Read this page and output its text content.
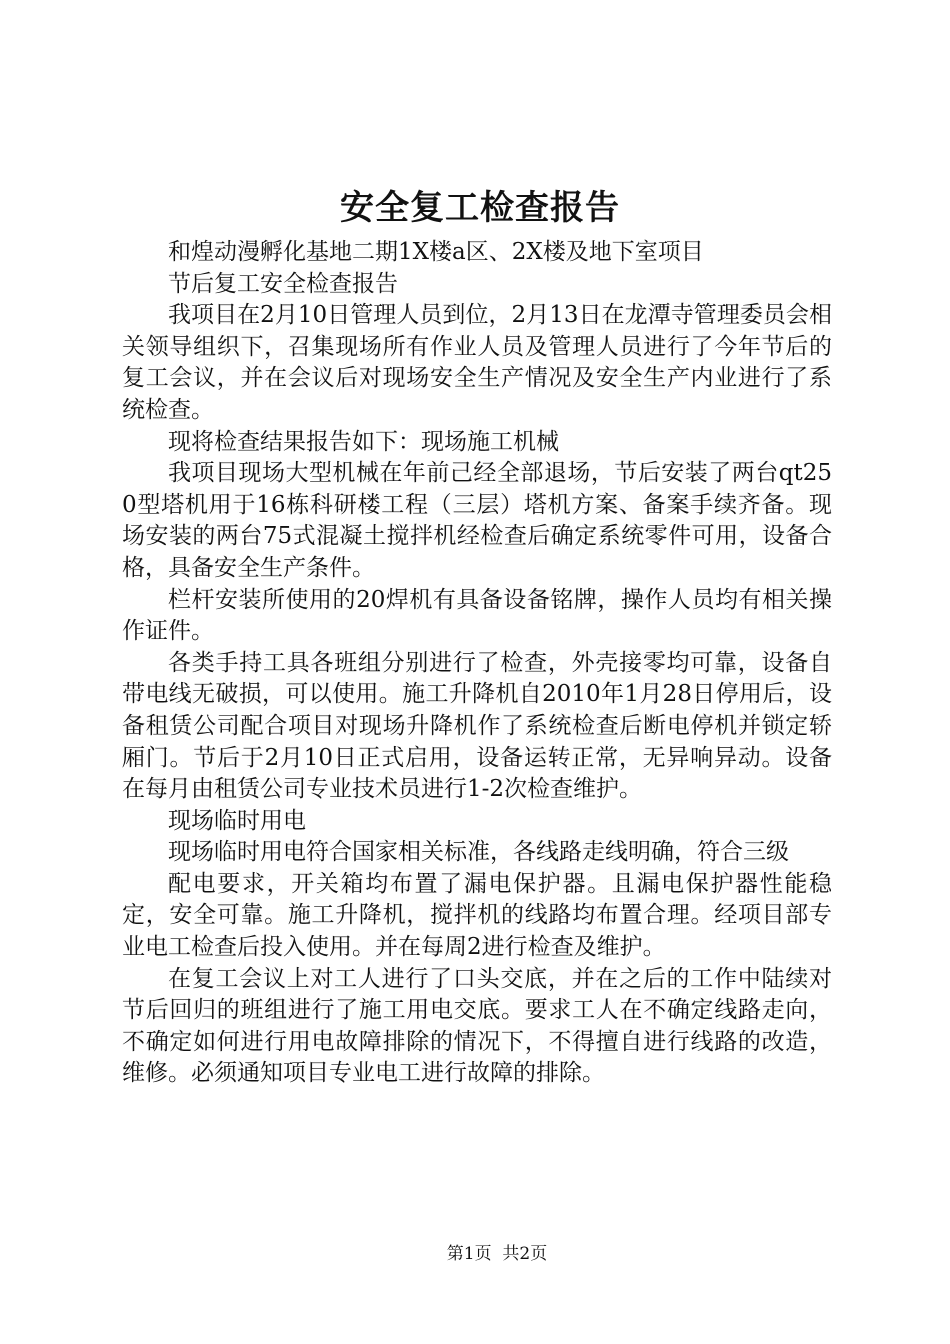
安全复工检查报告

和煌动漫孵化基地二期1X楼a区、2X楼及地下室项目

节后复工安全检查报告

我项目在2月10日管理人员到位，2月13日在龙潭寺管理委员会相关领导组织下，召集现场所有作业人员及管理人员进行了今年节后的复工会议，并在会议后对现场安全生产情况及安全生产内业进行了系统检查。

现将检查结果报告如下：现场施工机械

我项目现场大型机械在年前己经全部退场，节后安装了两台qt250型塔机用于16栋科研楼工程（三层）塔机方案、备案手续齐备。现场安装的两台75式混凝土搅拌机经检查后确定系统零件可用，设备合格，具备安全生产条件。

栏杆安装所使用的20焊机有具备设备铭牌，操作人员均有相关操作证件。

各类手持工具各班组分别进行了检查，外壳接零均可靠，设备自带电线无破损，可以使用。施工升降机自2010年1月28日停用后，设备租赁公司配合项目对现场升降机作了系统检查后断电停机并锁定轿厢门。节后于2月10日正式启用，设备运转正常，无异响异动。设备在每月由租赁公司专业技术员进行1-2次检查维护。

现场临时用电

现场临时用电符合国家相关标准，各线路走线明确，符合三级

配电要求，开关箱均布置了漏电保护器。且漏电保护器性能稳定，安全可靠。施工升降机，搅拌机的线路均布置合理。经项目部专业电工检查后投入使用。并在每周2进行检查及维护。

在复工会议上对工人进行了口头交底，并在之后的工作中陆续对节后回归的班组进行了施工用电交底。要求工人在不确定线路走向，不确定如何进行用电故障排除的情况下，不得擅自进行线路的改造，维修。必须通知项目专业电工进行故障的排除。

第1页  共2页
